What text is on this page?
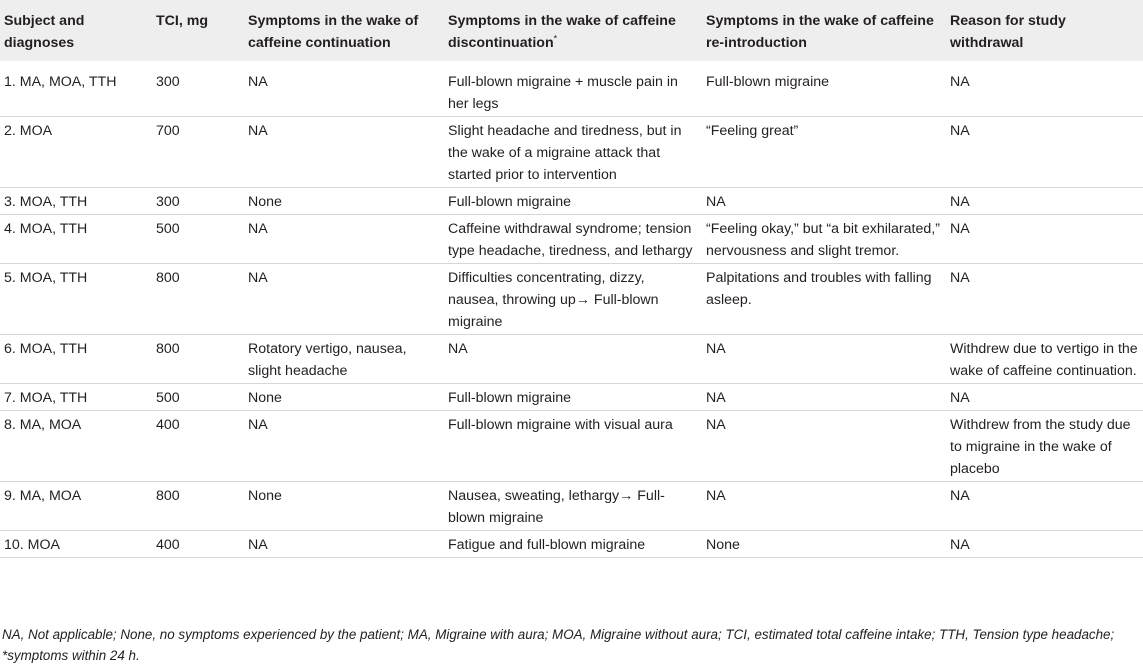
Subject and diagnoses	TCI, mg	Symptoms in the wake of caffeine continuation	Symptoms in the wake of caffeine discontinuation*	Symptoms in the wake of caffeine re-introduction	Reason for study withdrawal
1. MA, MOA, TTH	300	NA	Full-blown migraine + muscle pain in her legs	Full-blown migraine	NA
2. MOA	700	NA	Slight headache and tiredness, but in the wake of a migraine attack that started prior to intervention	“Feeling great”	NA
3. MOA, TTH	300	None	Full-blown migraine	NA	NA
4. MOA, TTH	500	NA	Caffeine withdrawal syndrome; tension type headache, tiredness, and lethargy	“Feeling okay,” but “a bit exhilarated,” nervousness and slight tremor.	NA
5. MOA, TTH	800	NA	Difficulties concentrating, dizzy, nausea, throwing up→ Full-blown migraine	Palpitations and troubles with falling asleep.	NA
6. MOA, TTH	800	Rotatory vertigo, nausea, slight headache	NA	NA	Withdrew due to vertigo in the wake of caffeine continuation.
7. MOA, TTH	500	None	Full-blown migraine	NA	NA
8. MA, MOA	400	NA	Full-blown migraine with visual aura	NA	Withdrew from the study due to migraine in the wake of placebo
9. MA, MOA	800	None	Nausea, sweating, lethargy→ Full-blown migraine	NA	NA
10. MOA	400	NA	Fatigue and full-blown migraine	None	NA
NA, Not applicable; None, no symptoms experienced by the patient; MA, Migraine with aura; MOA, Migraine without aura; TCI, estimated total caffeine intake; TTH, Tension type headache; *symptoms within 24 h.
